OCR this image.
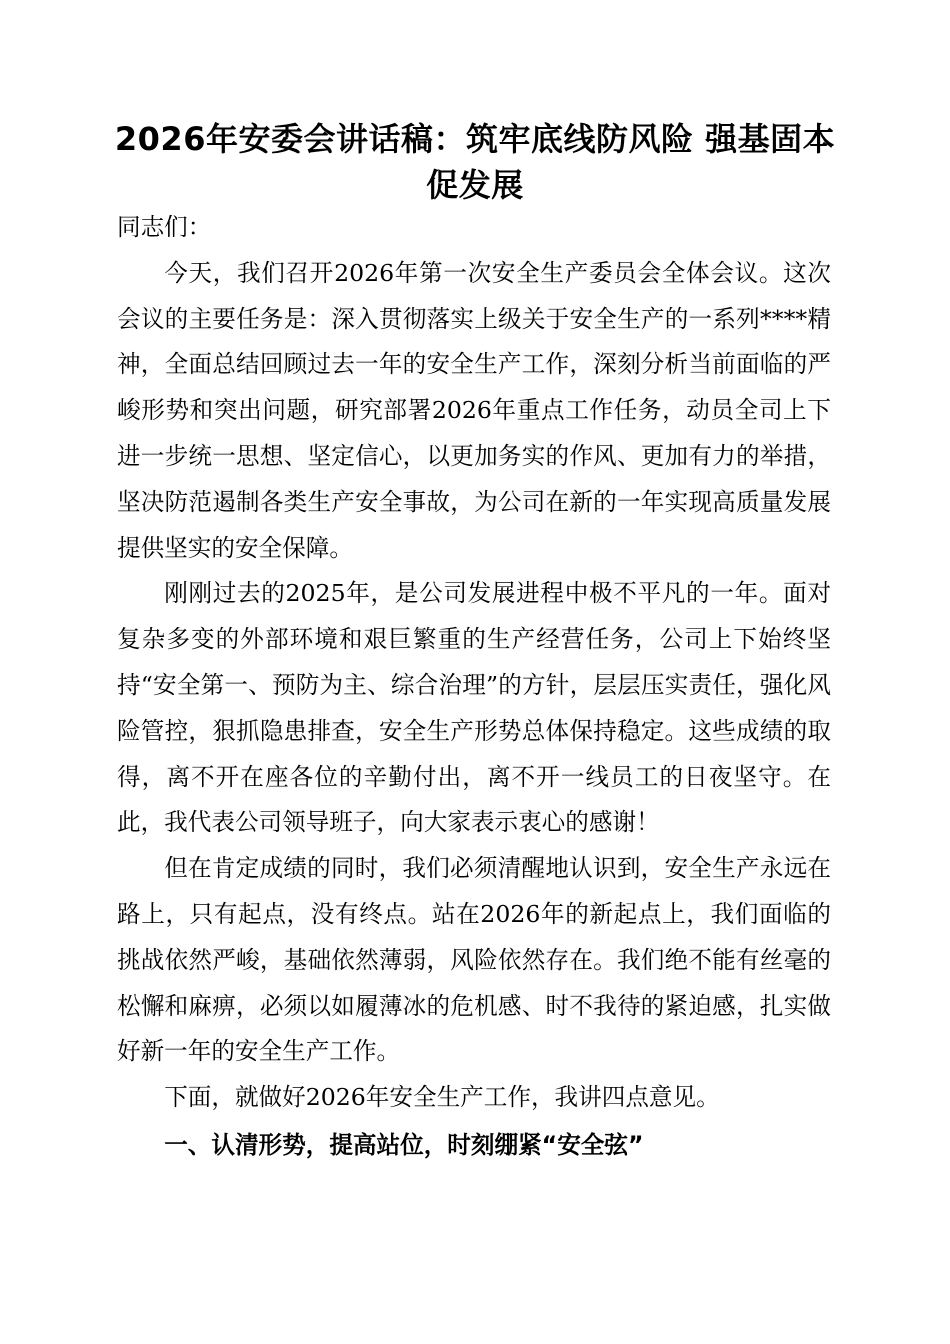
2026年安委会讲话稿：筑牢底线防风险 强基固本促发展

同志们：

今天，我们召开2026年第一次安全生产委员会全体会议。这次会议的主要任务是：深入贯彻落实上级关于安全生产的一系列****精神，全面总结回顾过去一年的安全生产工作，深刻分析当前面临的严峻形势和突出问题，研究部署2026年重点工作任务，动员全司上下进一步统一思想、坚定信心，以更加务实的作风、更加有力的举措，坚决防范遏制各类生产安全事故，为公司在新的一年实现高质量发展提供坚实的安全保障。

刚刚过去的2025年，是公司发展进程中极不平凡的一年。面对复杂多变的外部环境和艰巨繁重的生产经营任务，公司上下始终坚持“安全第一、预防为主、综合治理”的方针，层层压实责任，强化风险管控，狠抓隐患排查，安全生产形势总体保持稳定。这些成绩的取得，离不开在座各位的辛勤付出，离不开一线员工的日夜坚守。在此，我代表公司领导班子，向大家表示衷心的感谢！

但在肯定成绩的同时，我们必须清醒地认识到，安全生产永远在路上，只有起点，没有终点。站在2026年的新起点上，我们面临的挑战依然严峻，基础依然薄弱，风险依然存在。我们绝不能有丝毫的松懈和麻痹，必须以如履薄冰的危机感、时不我待的紧迫感，扎实做好新一年的安全生产工作。

下面，就做好2026年安全生产工作，我讲四点意见。

一、认清形势，提高站位，时刻绷紧“安全弦”
